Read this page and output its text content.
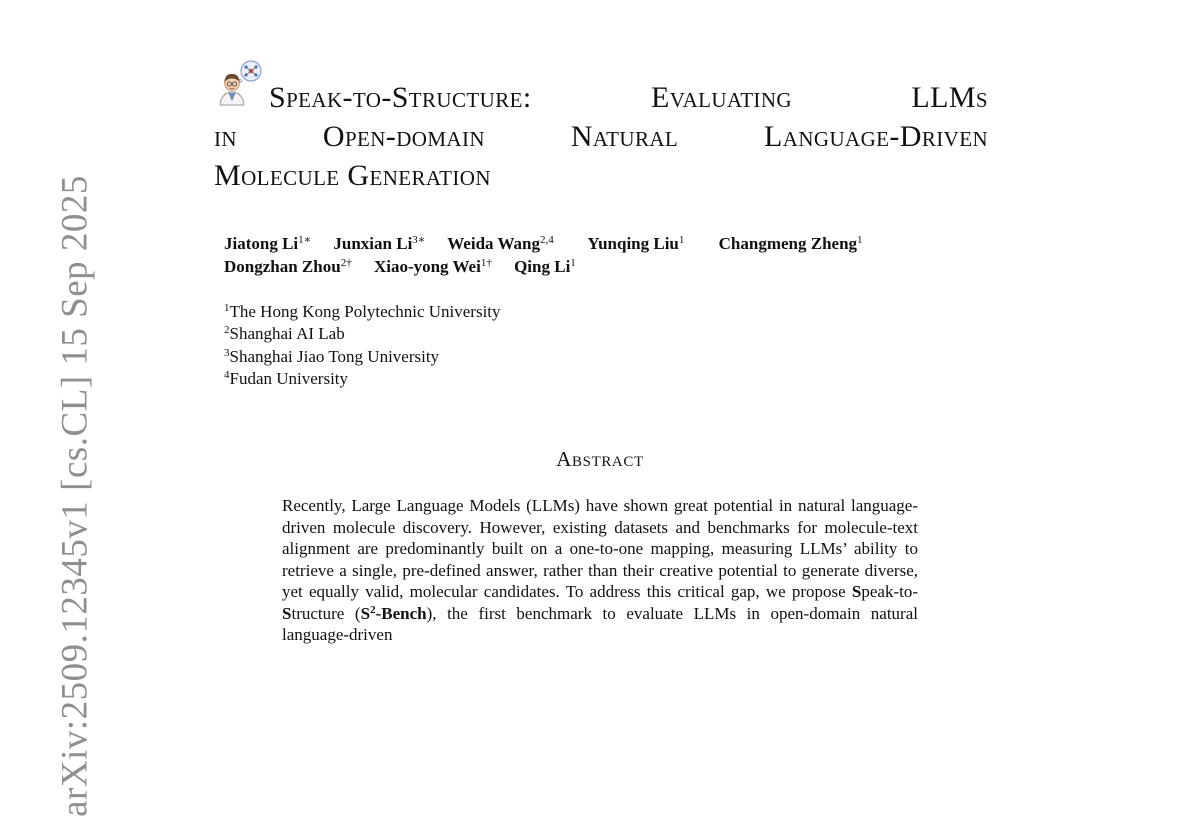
arXiv:2509.12345v1 [cs.CL] 15 Sep 2025
Speak-to-Structure:	Evaluating	LLMs
in	Open-domain	Natural	Language-Driven
Molecule Generation
Jiatong $Li^{1∗}$ Junxian $Li^{3∗}$ Weida Wang$^{2,4}$ Yunqing Liu$^1$ Changmeng Zheng$^1$
Dongzhan Zhou$^{2\dagger}$ Xiao-yong Wei$^{1\dagger}$ Qing Li$^1$
$^1$The Hong Kong Polytechnic University
$^2$Shanghai AI Lab
$^3$Shanghai Jiao Tong University
$^4$Fudan University
Abstract
Recently, Large Language Models (LLMs) have shown great potential in natural language-driven molecule discovery. However, existing datasets and benchmarks for molecule-text alignment are predominantly built on a one-to-one mapping, measuring LLMs’ ability to retrieve a single, pre-defined answer, rather than their creative potential to generate diverse, yet equally valid, molecular candidates. To address this critical gap, we propose Speak-to-Structure $(S^2-Bench)$, the first benchmark to evaluate LLMs in open-domain natural language-driven
